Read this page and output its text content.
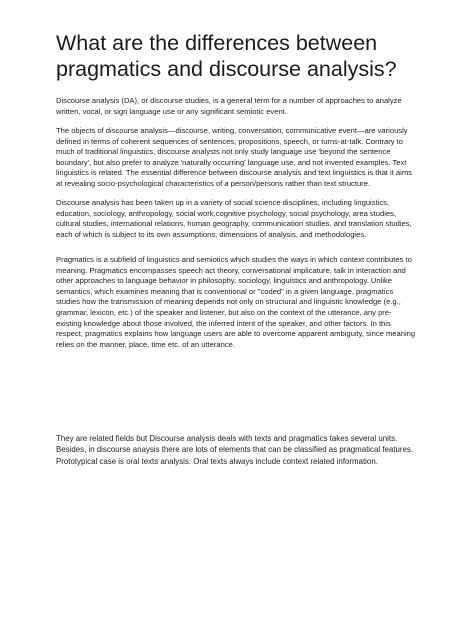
What are the differences between pragmatics and discourse analysis?

Discourse analysis (DA), or discourse studies, is a general term for a number of approaches to analyze written, vocal, or sign language use or any significant semiotic event.

The objects of discourse analysis—discourse, writing, conversation, communicative event—are variously defined in terms of coherent sequences of sentences, propositions, speech, or turns-at-talk. Contrary to much of traditional linguistics, discourse analysts not only study language use 'beyond the sentence boundary', but also prefer to analyze 'naturally occurring' language use, and not invented examples. Text linguistics is related. The essential difference between discourse analysis and text linguistics is that it aims at revealing socio-psychological characteristics of a person/persons rather than text structure.

Discourse analysis has been taken up in a variety of social science disciplines, including linguistics, education, sociology, anthropology, social work,cognitive psychology, social psychology, area studies, cultural studies, international relations, human geography, communication studies, and translation studies, each of which is subject to its own assumptions, dimensions of analysis, and methodologies.

Pragmatics is a subfield of linguistics and semiotics which studies the ways in which context contributes to meaning. Pragmatics encompasses speech act theory, conversational implicature, talk in interaction and other approaches to language behavior in philosophy, sociology, linguistics and anthropology. Unlike semantics, which examines meaning that is conventional or "coded" in a given language, pragmatics studies how the transmission of meaning depends not only on structural and linguistic knowledge (e.g., grammar, lexicon, etc.) of the speaker and listener, but also on the context of the utterance, any pre-existing knowledge about those involved, the inferred intent of the speaker, and other factors. In this respect, pragmatics explains how language users are able to overcome apparent ambiguity, since meaning relies on the manner, place, time etc. of an utterance.

They are related fields but Discourse analysis deals with texts and pragmatics takes several units. Besides, in discourse anaysis there are lots of elements that can be classified as pragmatical features. Prototypical case is oral texts analysis. Oral texts always include context related information.
